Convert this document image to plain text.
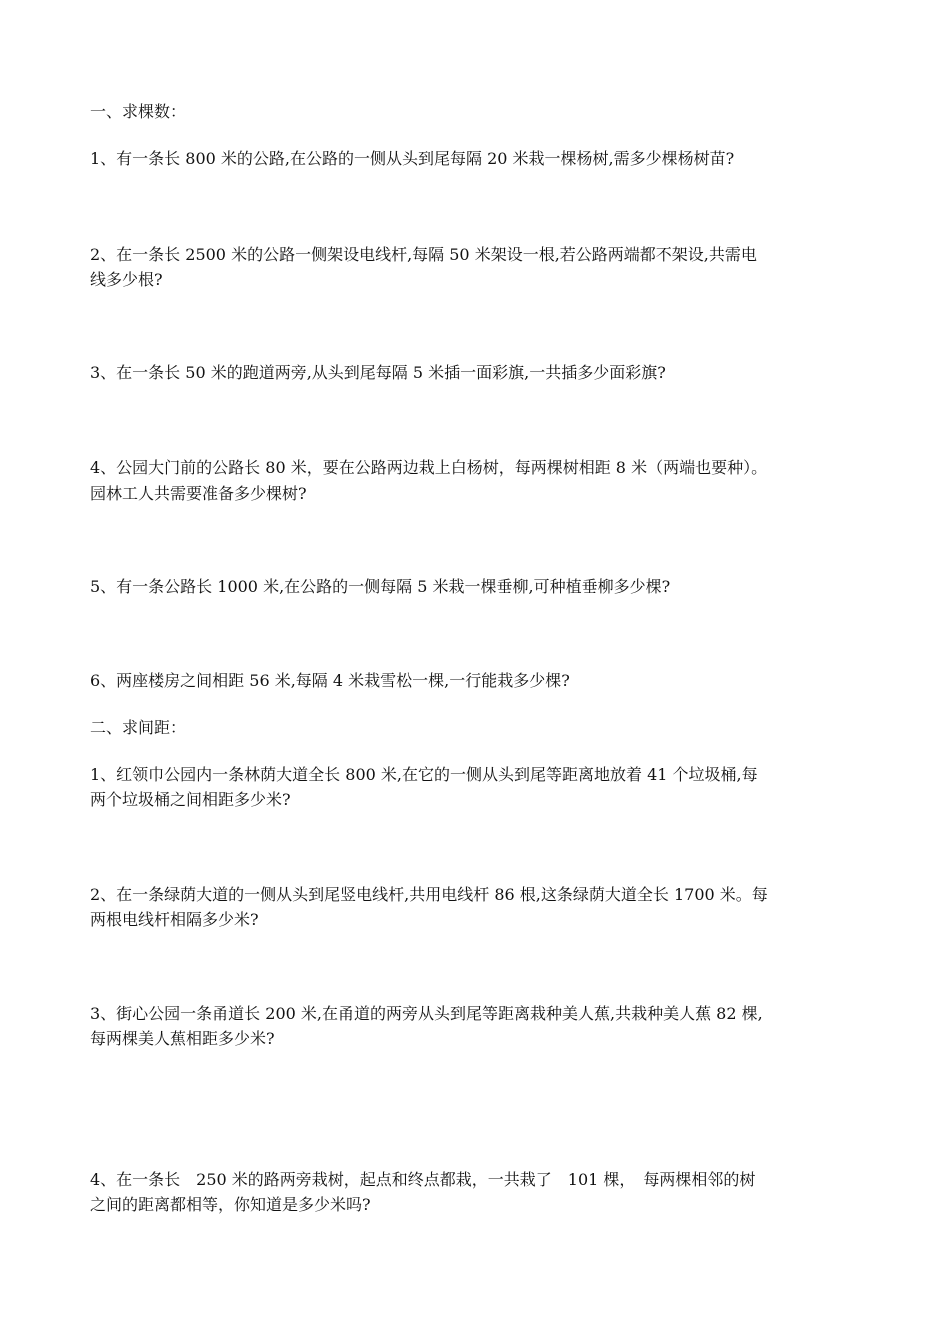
一、求棵数：
1、有一条长 800 米的公路,在公路的一侧从头到尾每隔 20 米栽一棵杨树,需多少棵杨树苗?
2、在一条长 2500 米的公路一侧架设电线杆,每隔 50 米架设一根,若公路两端都不架设,共需电
线多少根?
3、在一条长 50 米的跑道两旁,从头到尾每隔 5 米插一面彩旗,一共插多少面彩旗?
4、公园大门前的公路长 80 米，要在公路两边栽上白杨树，每两棵树相距 8 米（两端也要种）。
园林工人共需要准备多少棵树?
5、有一条公路长 1000 米,在公路的一侧每隔 5 米栽一棵垂柳,可种植垂柳多少棵?
6、两座楼房之间相距 56 米,每隔 4 米栽雪松一棵,一行能栽多少棵?
二、求间距：
1、红领巾公园内一条林荫大道全长 800 米,在它的一侧从头到尾等距离地放着 41 个垃圾桶,每
两个垃圾桶之间相距多少米?
2、在一条绿荫大道的一侧从头到尾竖电线杆,共用电线杆 86 根,这条绿荫大道全长 1700 米。每
两根电线杆相隔多少米?
3、街心公园一条甬道长 200 米,在甬道的两旁从头到尾等距离栽种美人蕉,共栽种美人蕉 82 棵,
每两棵美人蕉相距多少米?
4、在一条长　250 米的路两旁栽树，起点和终点都栽，一共栽了　101 棵，　每两棵相邻的树
之间的距离都相等，你知道是多少米吗?
